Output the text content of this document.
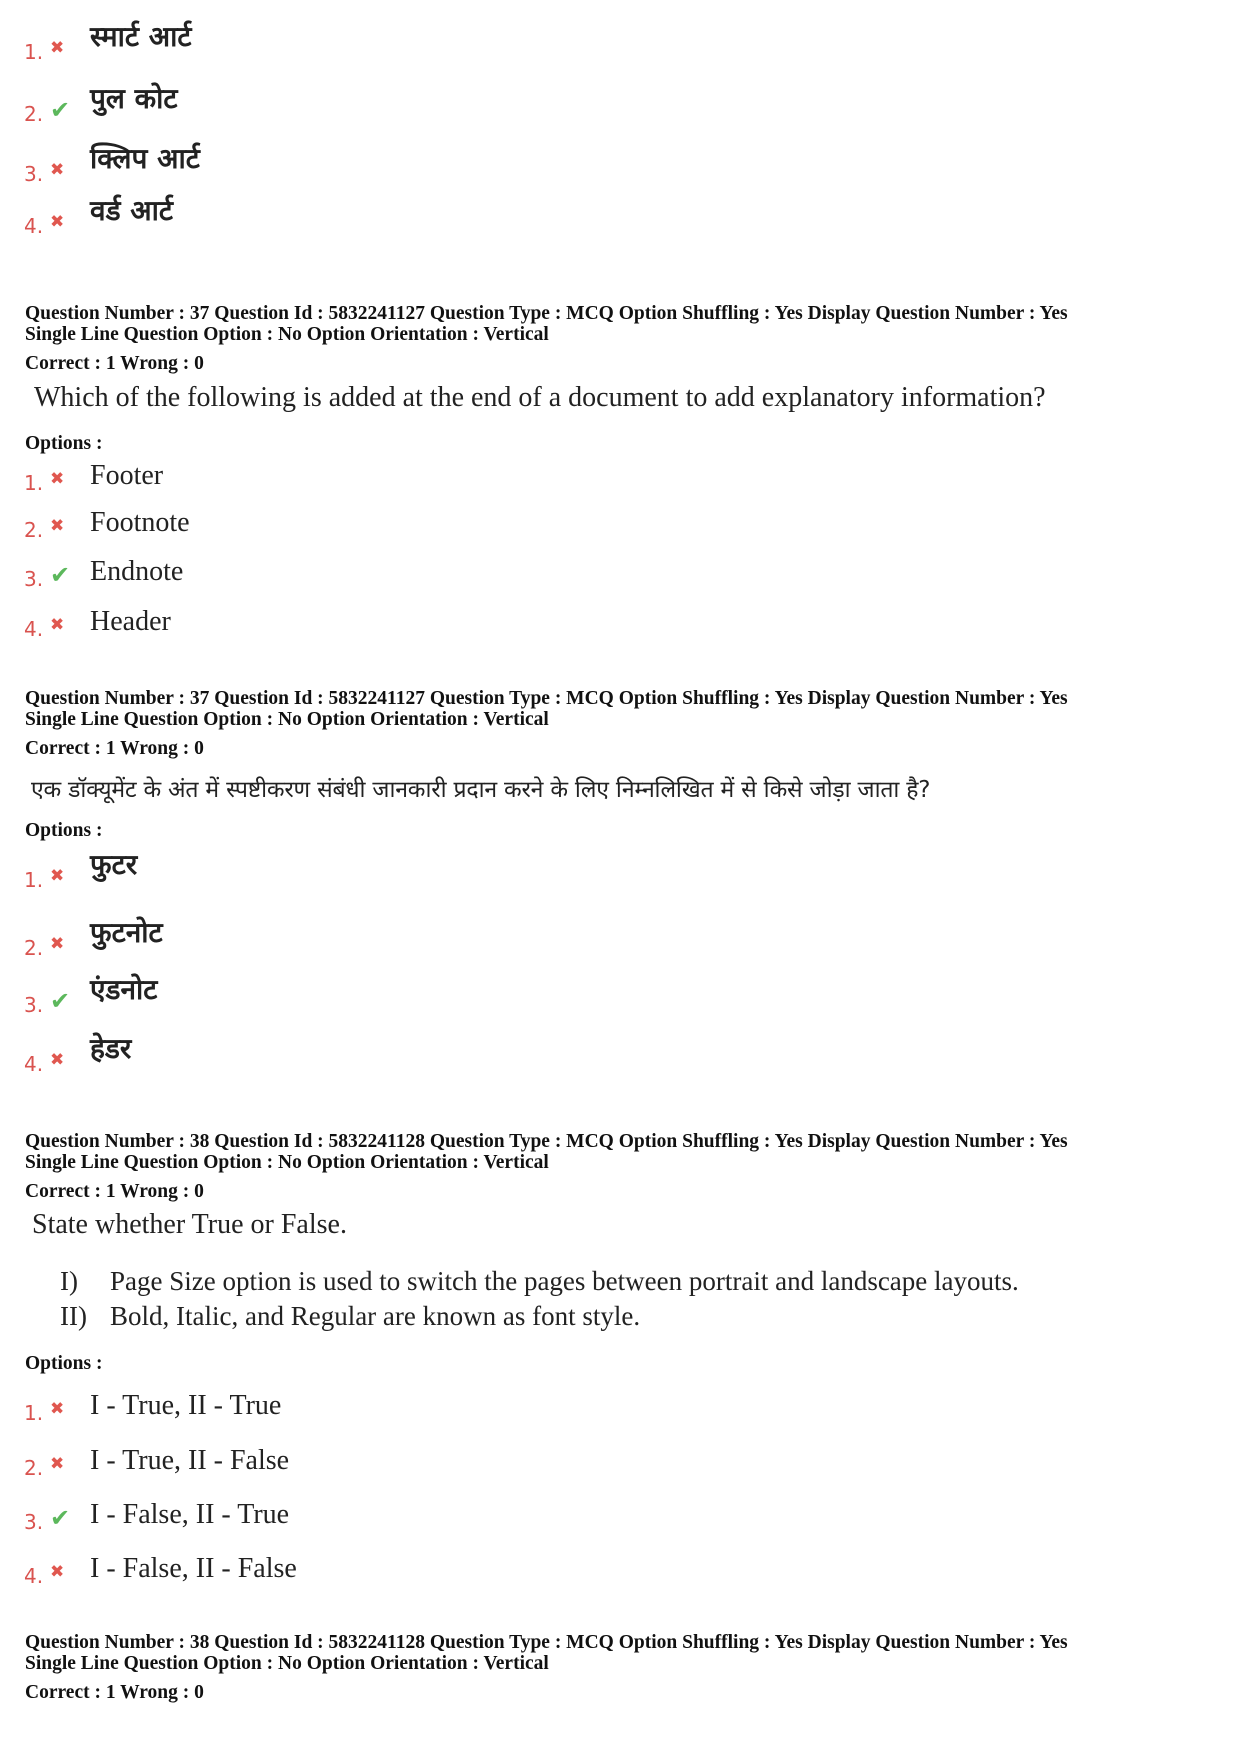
1. ✖ स्मार्ट आर्ट
2. ✔ पुल कोट
3. ✖ क्लिप आर्ट
4. ✖ वर्ड आर्ट
Question Number : 37 Question Id : 5832241127 Question Type : MCQ Option Shuffling : Yes Display Question Number : Yes
Single Line Question Option : No Option Orientation : Vertical
Correct : 1 Wrong : 0
Which of the following is added at the end of a document to add explanatory information?
Options :
1. ✖ Footer
2. ✖ Footnote
3. ✔ Endnote
4. ✖ Header
Question Number : 37 Question Id : 5832241127 Question Type : MCQ Option Shuffling : Yes Display Question Number : Yes
Single Line Question Option : No Option Orientation : Vertical
Correct : 1 Wrong : 0
एक डॉक्यूमेंट के अंत में स्पष्टीकरण संबंधी जानकारी प्रदान करने के लिए निम्नलिखित में से किसे जोड़ा जाता है?
Options :
1. ✖ फुटर
2. ✖ फुटनोट
3. ✔ एंडनोट
4. ✖ हेडर
Question Number : 38 Question Id : 5832241128 Question Type : MCQ Option Shuffling : Yes Display Question Number : Yes
Single Line Question Option : No Option Orientation : Vertical
Correct : 1 Wrong : 0
State whether True or False.
I) Page Size option is used to switch the pages between portrait and landscape layouts.
II) Bold, Italic, and Regular are known as font style.
Options :
1. ✖ I - True, II - True
2. ✖ I - True, II - False
3. ✔ I - False, II - True
4. ✖ I - False, II - False
Question Number : 38 Question Id : 5832241128 Question Type : MCQ Option Shuffling : Yes Display Question Number : Yes
Single Line Question Option : No Option Orientation : Vertical
Correct : 1 Wrong : 0
